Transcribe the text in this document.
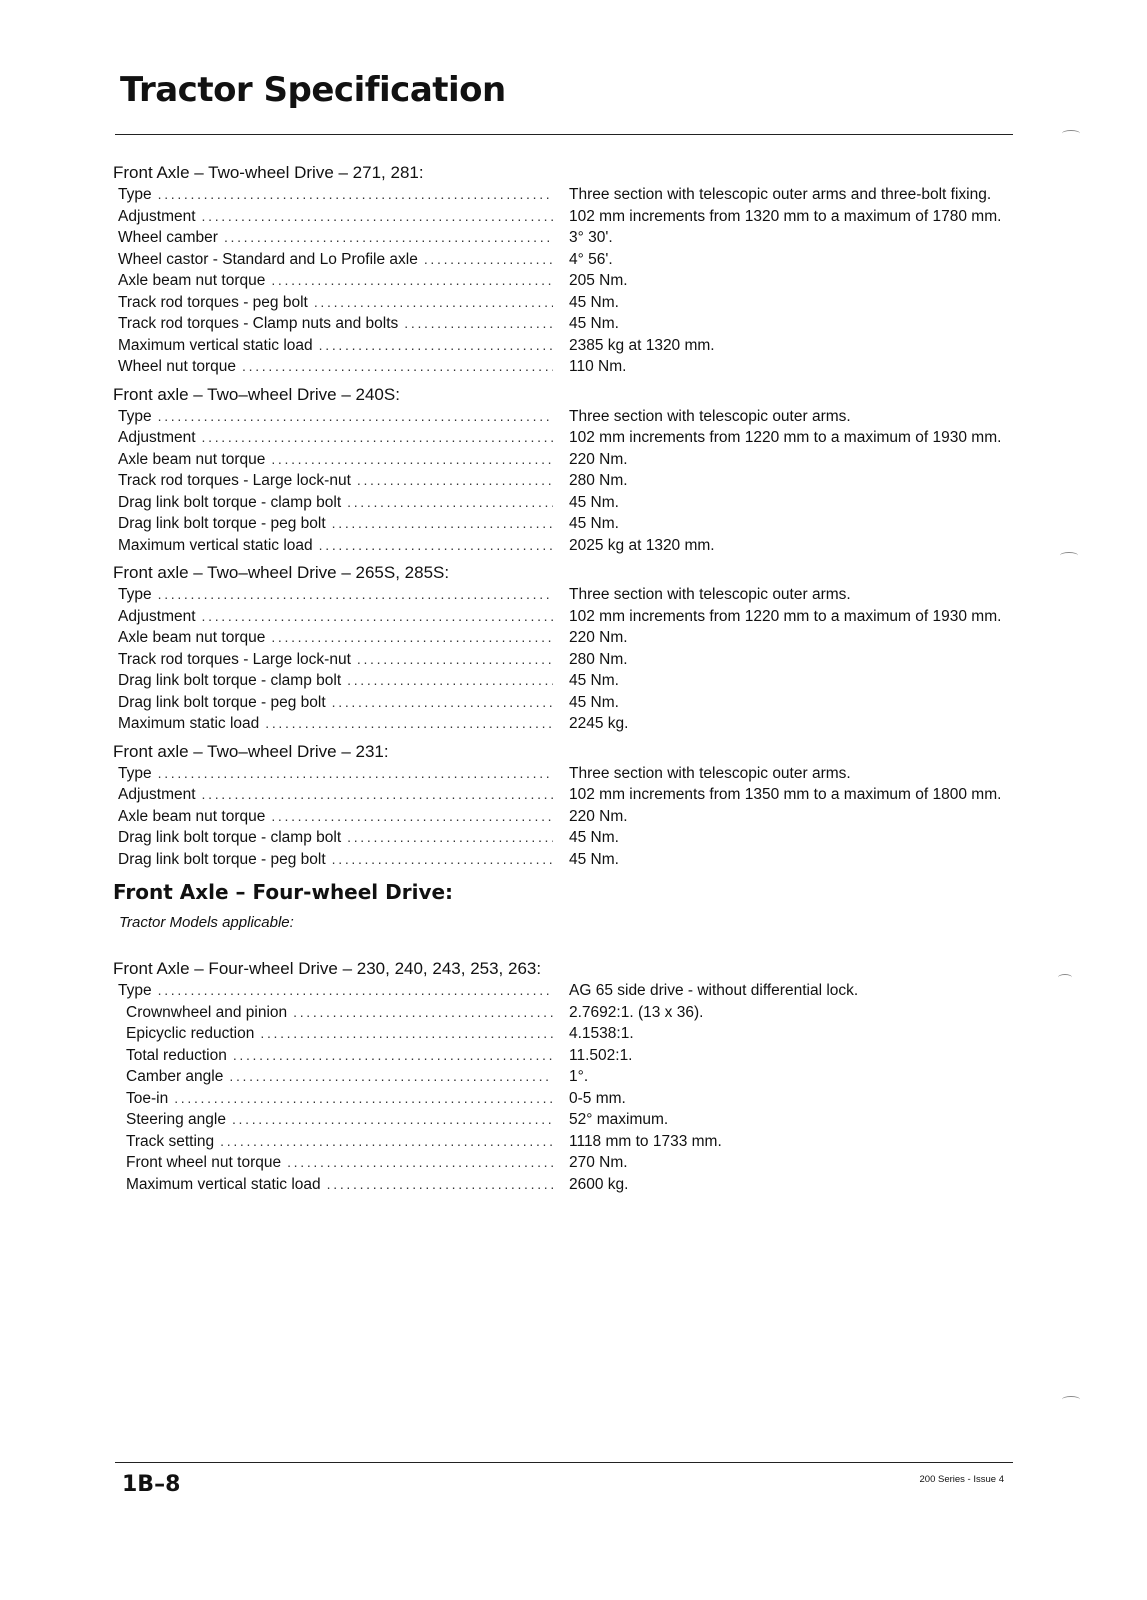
Tractor Specification
Front Axle – Two-wheel Drive – 271, 281:
Type . . .	Three section with telescopic outer arms and three-bolt fixing.
Adjustment . . .	102 mm increments from 1320 mm to a maximum of 1780 mm.
Wheel camber . . .	3° 30'.
Wheel castor - Standard and Lo Profile axle . . .	4° 56'.
Axle beam nut torque . . .	205 Nm.
Track rod torques - peg bolt . . .	45 Nm.
Track rod torques - Clamp nuts and bolts . . .	45 Nm.
Maximum vertical static load . . .	2385 kg at 1320 mm.
Wheel nut torque . . .	110 Nm.
Front axle – Two–wheel Drive – 240S:
Type . . .	Three section with telescopic outer arms.
Adjustment . . .	102 mm increments from 1220 mm to a maximum of 1930 mm.
Axle beam nut torque . . .	220 Nm.
Track rod torques - Large lock-nut . . .	280 Nm.
Drag link bolt torque - clamp bolt . . .	45 Nm.
Drag link bolt torque - peg bolt . . .	45 Nm.
Maximum vertical static load . . .	2025 kg at 1320 mm.
Front axle – Two–wheel Drive – 265S, 285S:
Type . . .	Three section with telescopic outer arms.
Adjustment . . .	102 mm increments from 1220 mm to a maximum of 1930 mm.
Axle beam nut torque . . .	220 Nm.
Track rod torques - Large lock-nut . . .	280 Nm.
Drag link bolt torque - clamp bolt . . .	45 Nm.
Drag link bolt torque - peg bolt . . .	45 Nm.
Maximum static load . . .	2245 kg.
Front axle – Two–wheel Drive – 231:
Type . . .	Three section with telescopic outer arms.
Adjustment . . .	102 mm increments from 1350 mm to a maximum of 1800 mm.
Axle beam nut torque . . .	220 Nm.
Drag link bolt torque - clamp bolt . . .	45 Nm.
Drag link bolt torque - peg bolt . . .	45 Nm.
Front Axle – Four-wheel Drive:
Tractor Models applicable:
Front Axle – Four-wheel Drive – 230, 240, 243, 253, 263:
Type . . .	AG 65 side drive - without differential lock.
Crownwheel and pinion . . .	2.7692:1. (13 x 36).
Epicyclic reduction . . .	4.1538:1.
Total reduction . . .	11.502:1.
Camber angle . . .	1°.
Toe-in . . .	0-5 mm.
Steering angle . . .	52° maximum.
Track setting . . .	1118 mm to 1733 mm.
Front wheel nut torque . . .	270 Nm.
Maximum vertical static load . . .	2600 kg.
1B–8	200 Series - Issue 4
